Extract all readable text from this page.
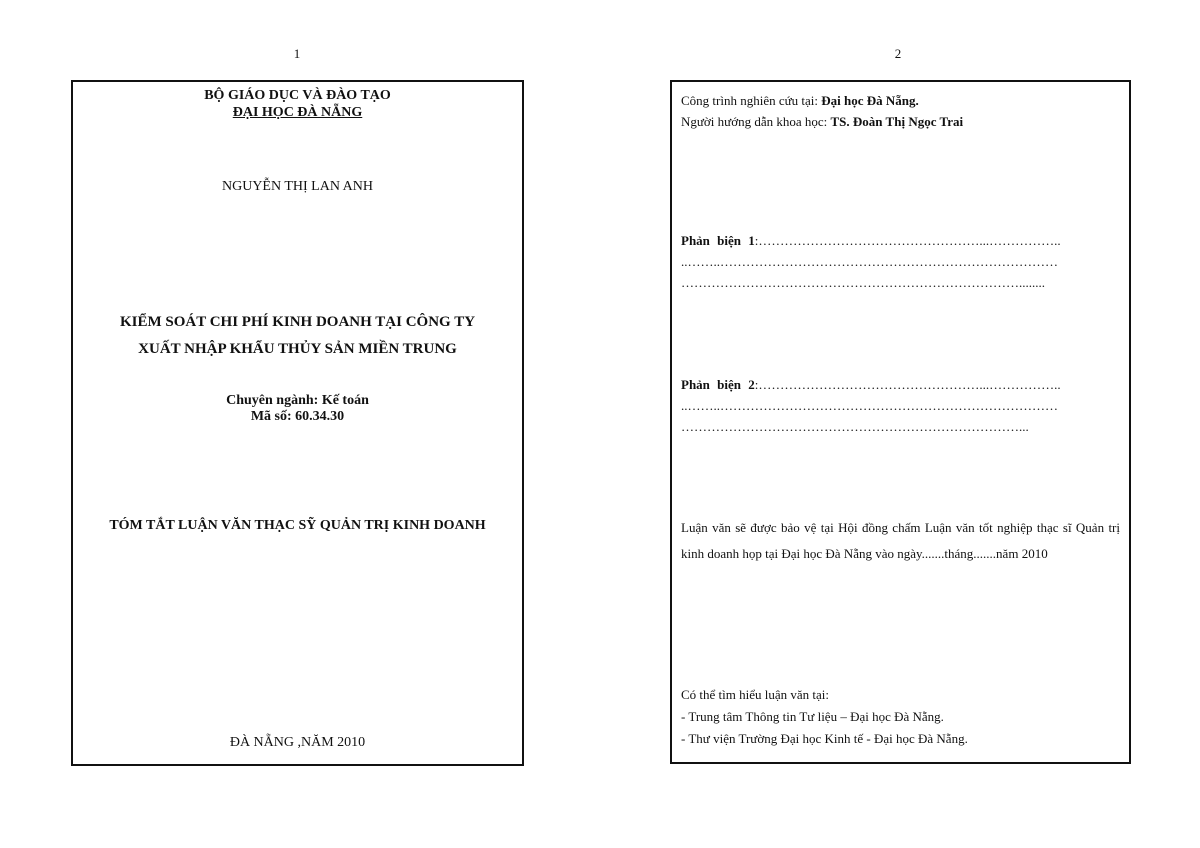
1	2
BỘ GIÁO DỤC VÀ ĐÀO TẠO
ĐẠI HỌC ĐÀ NẴNG
NGUYỄN THỊ LAN ANH
KIỂM SOÁT CHI PHÍ KINH DOANH TẠI CÔNG TY
XUẤT NHẬP KHẨU THỦY SẢN MIỀN TRUNG
Chuyên ngành: Kế toán
Mã số: 60.34.30
TÓM TẮT LUẬN VĂN THẠC SỸ QUẢN TRỊ KINH DOANH
ĐÀ NẴNG ,NĂM 2010
Công trình nghiên cứu tại: Đại học Đà Nẵng.
Người hướng dẫn khoa học: TS. Đoàn Thị Ngọc Trai
Phản biện 1:……………………………………………...……………..
..……..……………………………………………………………………
……………………………………………………………………........
Phản biện 2:……………………………………………...……………..
..……..……………………………………………………………………
……………………………………………………………………...
Luận văn sẽ được bảo vệ tại Hội đồng chấm Luận văn tốt nghiệp thạc sĩ Quản trị kinh doanh họp tại Đại học Đà Nẵng vào ngày.......tháng.......năm 2010
Có thể tìm hiểu luận văn tại:
- Trung tâm Thông tin Tư liệu – Đại học Đà Nẵng.
- Thư viện Trường Đại học Kinh tế - Đại học Đà Nẵng.
